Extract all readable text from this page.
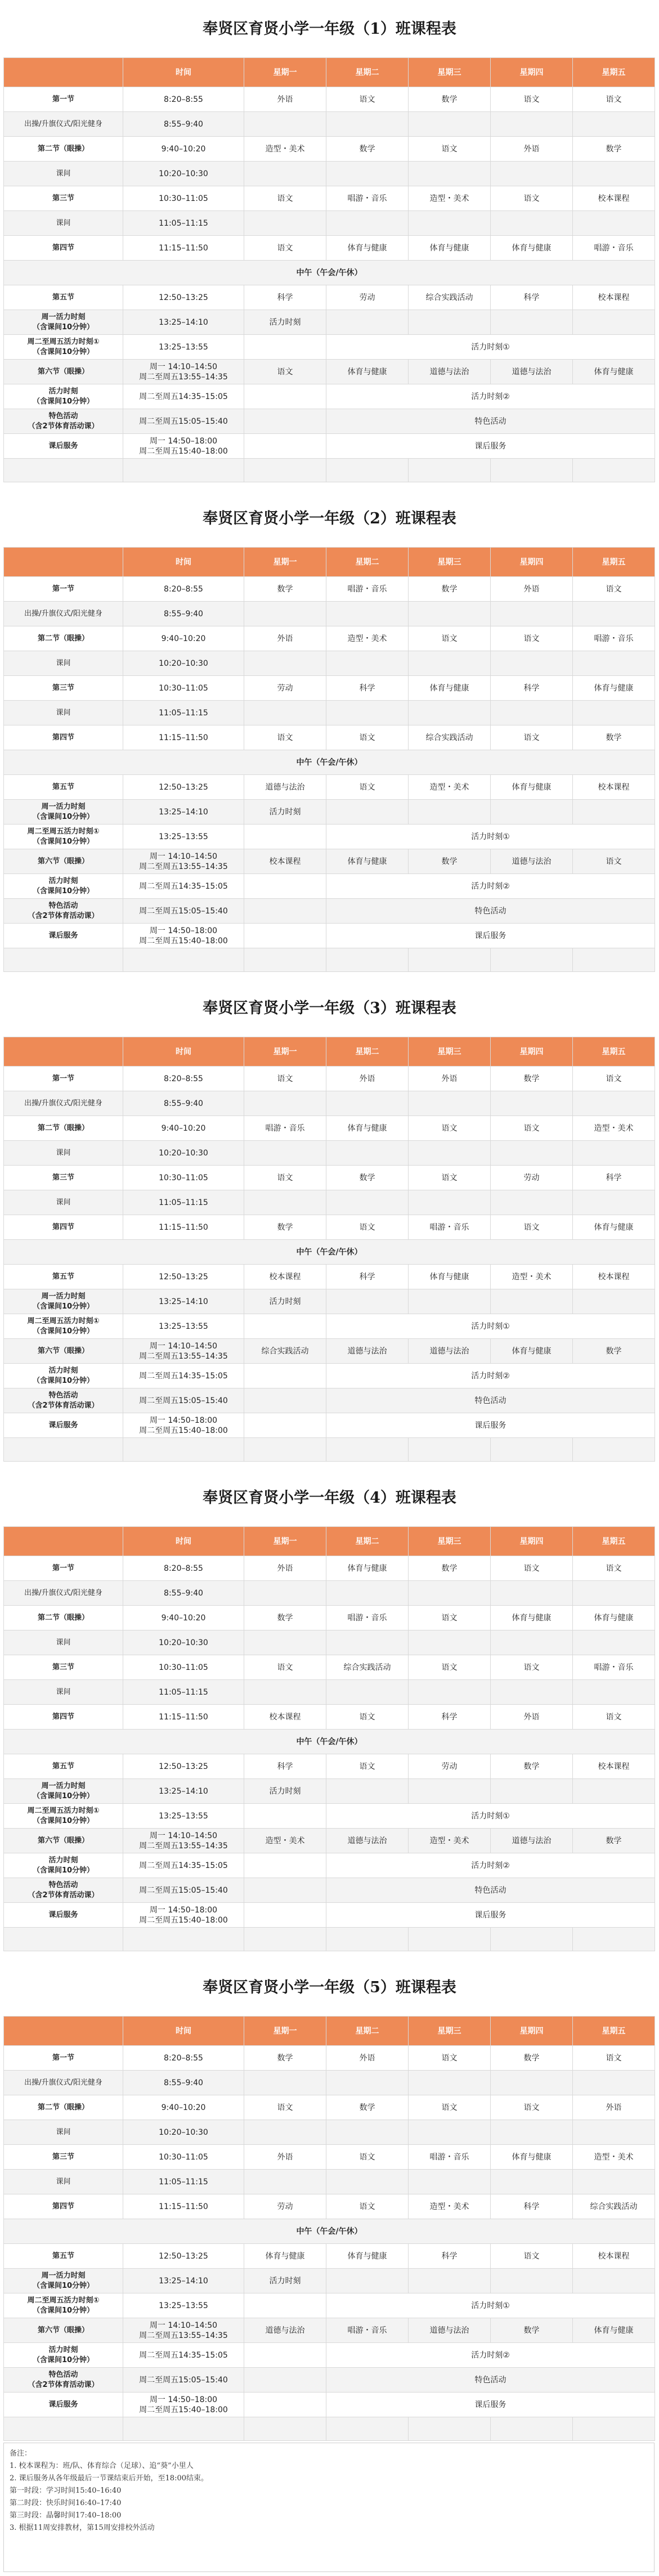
奉贤区育贤小学一年级（1）班课程表
	时间	星期一	星期二	星期三	星期四	星期五
第一节	8:20–8:55	外语	语文	数学	语文	语文
出操/升旗仪式/阳光健身	8:55–9:40					
第二节（眼操）	9:40–10:20	造型・美术	数学	语文	外语	数学
课间	10:20–10:30					
第三节	10:30–11:05	语文	唱游・音乐	造型・美术	语文	校本课程
课间	11:05–11:15					
第四节	11:15–11:50	语文	体育与健康	体育与健康	体育与健康	唱游・音乐
中午（午会/午休）						
第五节	12:50–13:25	科学	劳动	综合实践活动	科学	校本课程
周一活力时刻
（含课间10分钟）	13:25–14:10	活力时刻				
周二至周五活力时刻①
（含课间10分钟）	13:25–13:55		活力时刻①			
第六节（眼操）	周一 14:10–14:50
周二至周五13:55–14:35	语文	体育与健康	道德与法治	道德与法治	体育与健康
活力时刻
（含课间10分钟）	周二至周五14:35–15:05		活力时刻②			
特色活动
（含2节体育活动课）	周二至周五15:05–15:40		特色活动			
课后服务	周一 14:50–18:00
周二至周五15:40–18:00		课后服务			

奉贤区育贤小学一年级（2）班课程表
	时间	星期一	星期二	星期三	星期四	星期五
第一节	8:20–8:55	数学	唱游・音乐	数学	外语	语文
出操/升旗仪式/阳光健身	8:55–9:40					
第二节（眼操）	9:40–10:20	外语	造型・美术	语文	语文	唱游・音乐
课间	10:20–10:30					
第三节	10:30–11:05	劳动	科学	体育与健康	科学	体育与健康
课间	11:05–11:15					
第四节	11:15–11:50	语文	语文	综合实践活动	语文	数学
中午（午会/午休）						
第五节	12:50–13:25	道德与法治	语文	造型・美术	体育与健康	校本课程
周一活力时刻
（含课间10分钟）	13:25–14:10	活力时刻				
周二至周五活力时刻①
（含课间10分钟）	13:25–13:55		活力时刻①			
第六节（眼操）	周一 14:10–14:50
周二至周五13:55–14:35	校本课程	体育与健康	数学	道德与法治	语文
活力时刻
（含课间10分钟）	周二至周五14:35–15:05		活力时刻②			
特色活动
（含2节体育活动课）	周二至周五15:05–15:40		特色活动			
课后服务	周一 14:50–18:00
周二至周五15:40–18:00		课后服务			

奉贤区育贤小学一年级（3）班课程表
	时间	星期一	星期二	星期三	星期四	星期五
第一节	8:20–8:55	语文	外语	外语	数学	语文
出操/升旗仪式/阳光健身	8:55–9:40					
第二节（眼操）	9:40–10:20	唱游・音乐	体育与健康	语文	语文	造型・美术
课间	10:20–10:30					
第三节	10:30–11:05	语文	数学	语文	劳动	科学
课间	11:05–11:15					
第四节	11:15–11:50	数学	语文	唱游・音乐	语文	体育与健康
中午（午会/午休）						
第五节	12:50–13:25	校本课程	科学	体育与健康	造型・美术	校本课程
周一活力时刻
（含课间10分钟）	13:25–14:10	活力时刻				
周二至周五活力时刻①
（含课间10分钟）	13:25–13:55		活力时刻①			
第六节（眼操）	周一 14:10–14:50
周二至周五13:55–14:35	综合实践活动	道德与法治	道德与法治	体育与健康	数学
活力时刻
（含课间10分钟）	周二至周五14:35–15:05		活力时刻②			
特色活动
（含2节体育活动课）	周二至周五15:05–15:40		特色活动			
课后服务	周一 14:50–18:00
周二至周五15:40–18:00		课后服务			

奉贤区育贤小学一年级（4）班课程表
	时间	星期一	星期二	星期三	星期四	星期五
第一节	8:20–8:55	外语	体育与健康	数学	语文	语文
出操/升旗仪式/阳光健身	8:55–9:40					
第二节（眼操）	9:40–10:20	数学	唱游・音乐	语文	体育与健康	体育与健康
课间	10:20–10:30					
第三节	10:30–11:05	语文	综合实践活动	语文	语文	唱游・音乐
课间	11:05–11:15					
第四节	11:15–11:50	校本课程	语文	科学	外语	语文
中午（午会/午休）						
第五节	12:50–13:25	科学	语文	劳动	数学	校本课程
周一活力时刻
（含课间10分钟）	13:25–14:10	活力时刻				
周二至周五活力时刻①
（含课间10分钟）	13:25–13:55		活力时刻①			
第六节（眼操）	周一 14:10–14:50
周二至周五13:55–14:35	造型・美术	道德与法治	造型・美术	道德与法治	数学
活力时刻
（含课间10分钟）	周二至周五14:35–15:05		活力时刻②			
特色活动
（含2节体育活动课）	周二至周五15:05–15:40		特色活动			
课后服务	周一 14:50–18:00
周二至周五15:40–18:00		课后服务			

奉贤区育贤小学一年级（5）班课程表
	时间	星期一	星期二	星期三	星期四	星期五
第一节	8:20–8:55	数学	外语	语文	数学	语文
出操/升旗仪式/阳光健身	8:55–9:40					
第二节（眼操）	9:40–10:20	语文	数学	语文	语文	外语
课间	10:20–10:30					
第三节	10:30–11:05	外语	语文	唱游・音乐	体育与健康	造型・美术
课间	11:05–11:15					
第四节	11:15–11:50	劳动	语文	造型・美术	科学	综合实践活动
中午（午会/午休）						
第五节	12:50–13:25	体育与健康	体育与健康	科学	语文	校本课程
周一活力时刻
（含课间10分钟）	13:25–14:10	活力时刻				
周二至周五活力时刻①
（含课间10分钟）	13:25–13:55		活力时刻①			
第六节（眼操）	周一 14:10–14:50
周二至周五13:55–14:35	道德与法治	唱游・音乐	道德与法治	数学	体育与健康
活力时刻
（含课间10分钟）	周二至周五14:35–15:05		活力时刻②			
特色活动
（含2节体育活动课）	周二至周五15:05–15:40		特色活动			
课后服务	周一 14:50–18:00
周二至周五15:40–18:00		课后服务			

备注：
1. 校本课程为：班/队、体育综合（足球）、追“葵”小里人
2. 课后服务从各年级最后一节课结束后开始，至18:00结束。
第一时段：学习时间15:40–16:40
第二时段：快乐时间16:40–17:40
第三时段：晶馨时间17:40–18:00
3. 根据11周安排教材，第15周安排校外活动
